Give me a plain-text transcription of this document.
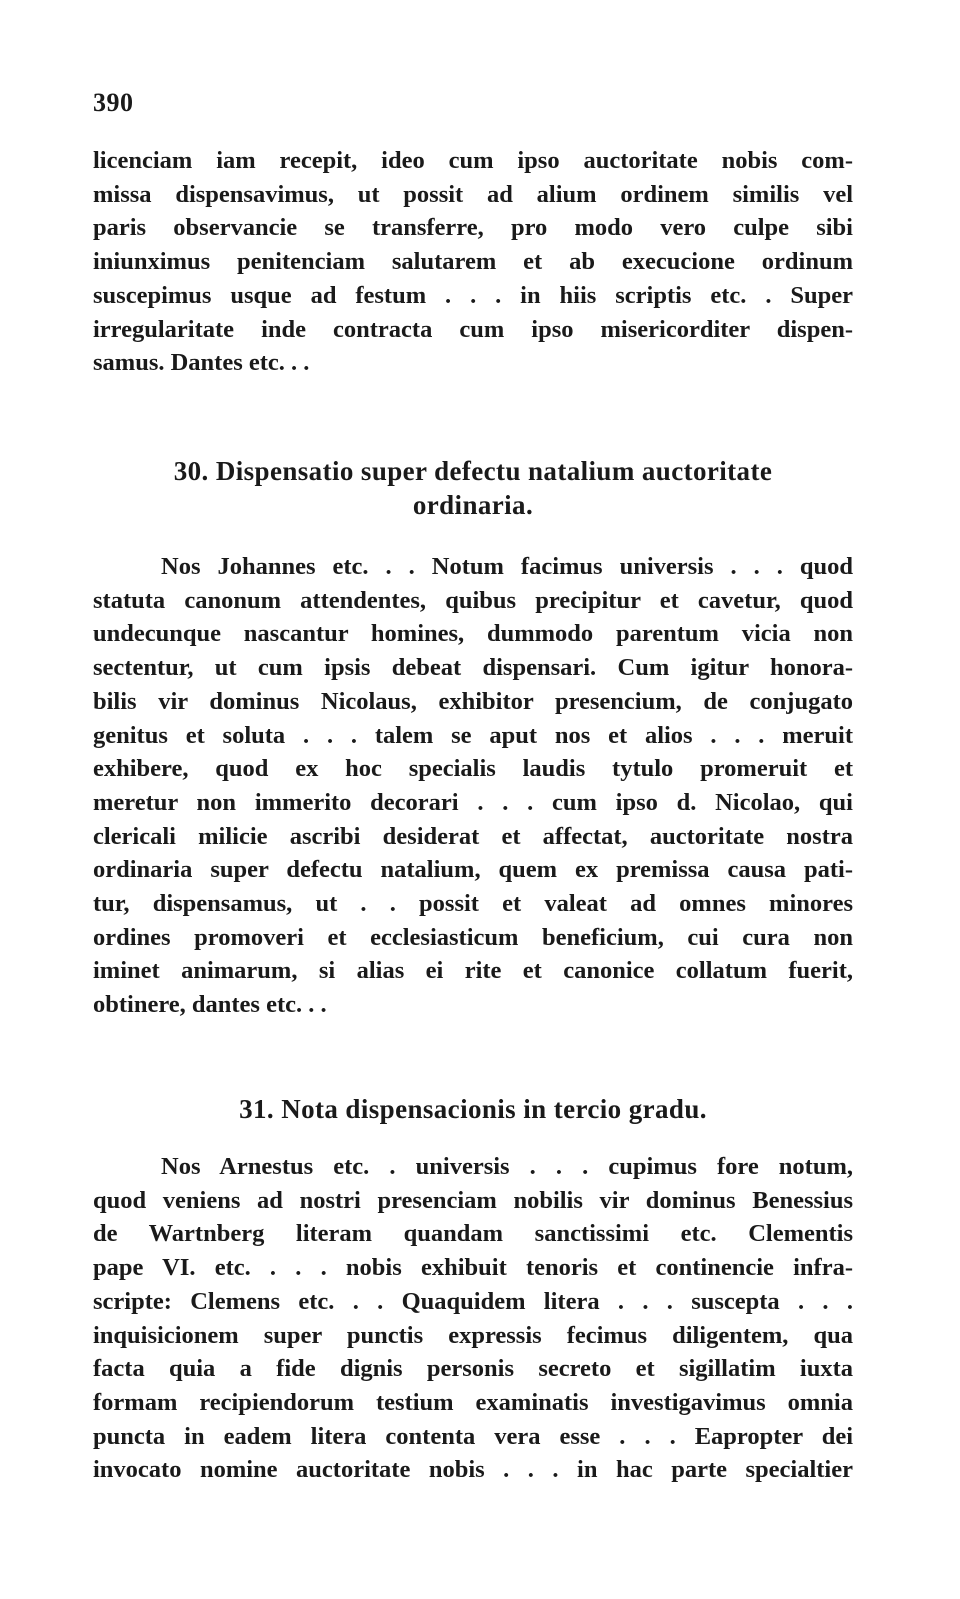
390
licenciam iam recepit, ideo cum ipso auctoritate nobis com-
missa dispensavimus, ut possit ad alium ordinem similis vel
paris observancie se transferre, pro modo vero culpe sibi
iniunximus penitenciam salutarem et ab execucione ordinum
suscepimus usque ad festum . . . in hiis scriptis etc. . Super
irregularitate inde contracta cum ipso misericorditer dispen-
samus. Dantes etc. . .
30. Dispensatio super defectu natalium auctoritate
ordinaria.
Nos Johannes etc. . . Notum facimus universis . . . quod
statuta canonum attendentes, quibus precipitur et cavetur, quod
undecunque nascantur homines, dummodo parentum vicia non
sectentur, ut cum ipsis debeat dispensari. Cum igitur honora-
bilis vir dominus Nicolaus, exhibitor presencium, de conjugato
genitus et soluta . . . talem se aput nos et alios . . . meruit
exhibere, quod ex hoc specialis laudis tytulo promeruit et
meretur non immerito decorari . . . cum ipso d. Nicolao, qui
clericali milicie ascribi desiderat et affectat, auctoritate nostra
ordinaria super defectu natalium, quem ex premissa causa pati-
tur, dispensamus, ut . . possit et valeat ad omnes minores
ordines promoveri et ecclesiasticum beneficium, cui cura non
iminet animarum, si alias ei rite et canonice collatum fuerit,
obtinere, dantes etc. . .
31. Nota dispensacionis in tercio gradu.
Nos Arnestus etc. . universis . . . cupimus fore notum,
quod veniens ad nostri presenciam nobilis vir dominus Benessius
de Wartnberg literam quandam sanctissimi etc. Clementis
pape VI. etc. . . . nobis exhibuit tenoris et continencie infra-
scripte: Clemens etc. . . Quaquidem litera . . . suscepta . . .
inquisicionem super punctis expressis fecimus diligentem, qua
facta quia a fide dignis personis secreto et sigillatim iuxta
formam recipiendorum testium examinatis investigavimus omnia
puncta in eadem litera contenta vera esse . . . Eapropter dei
invocato nomine auctoritate nobis . . . in hac parte specialtier
